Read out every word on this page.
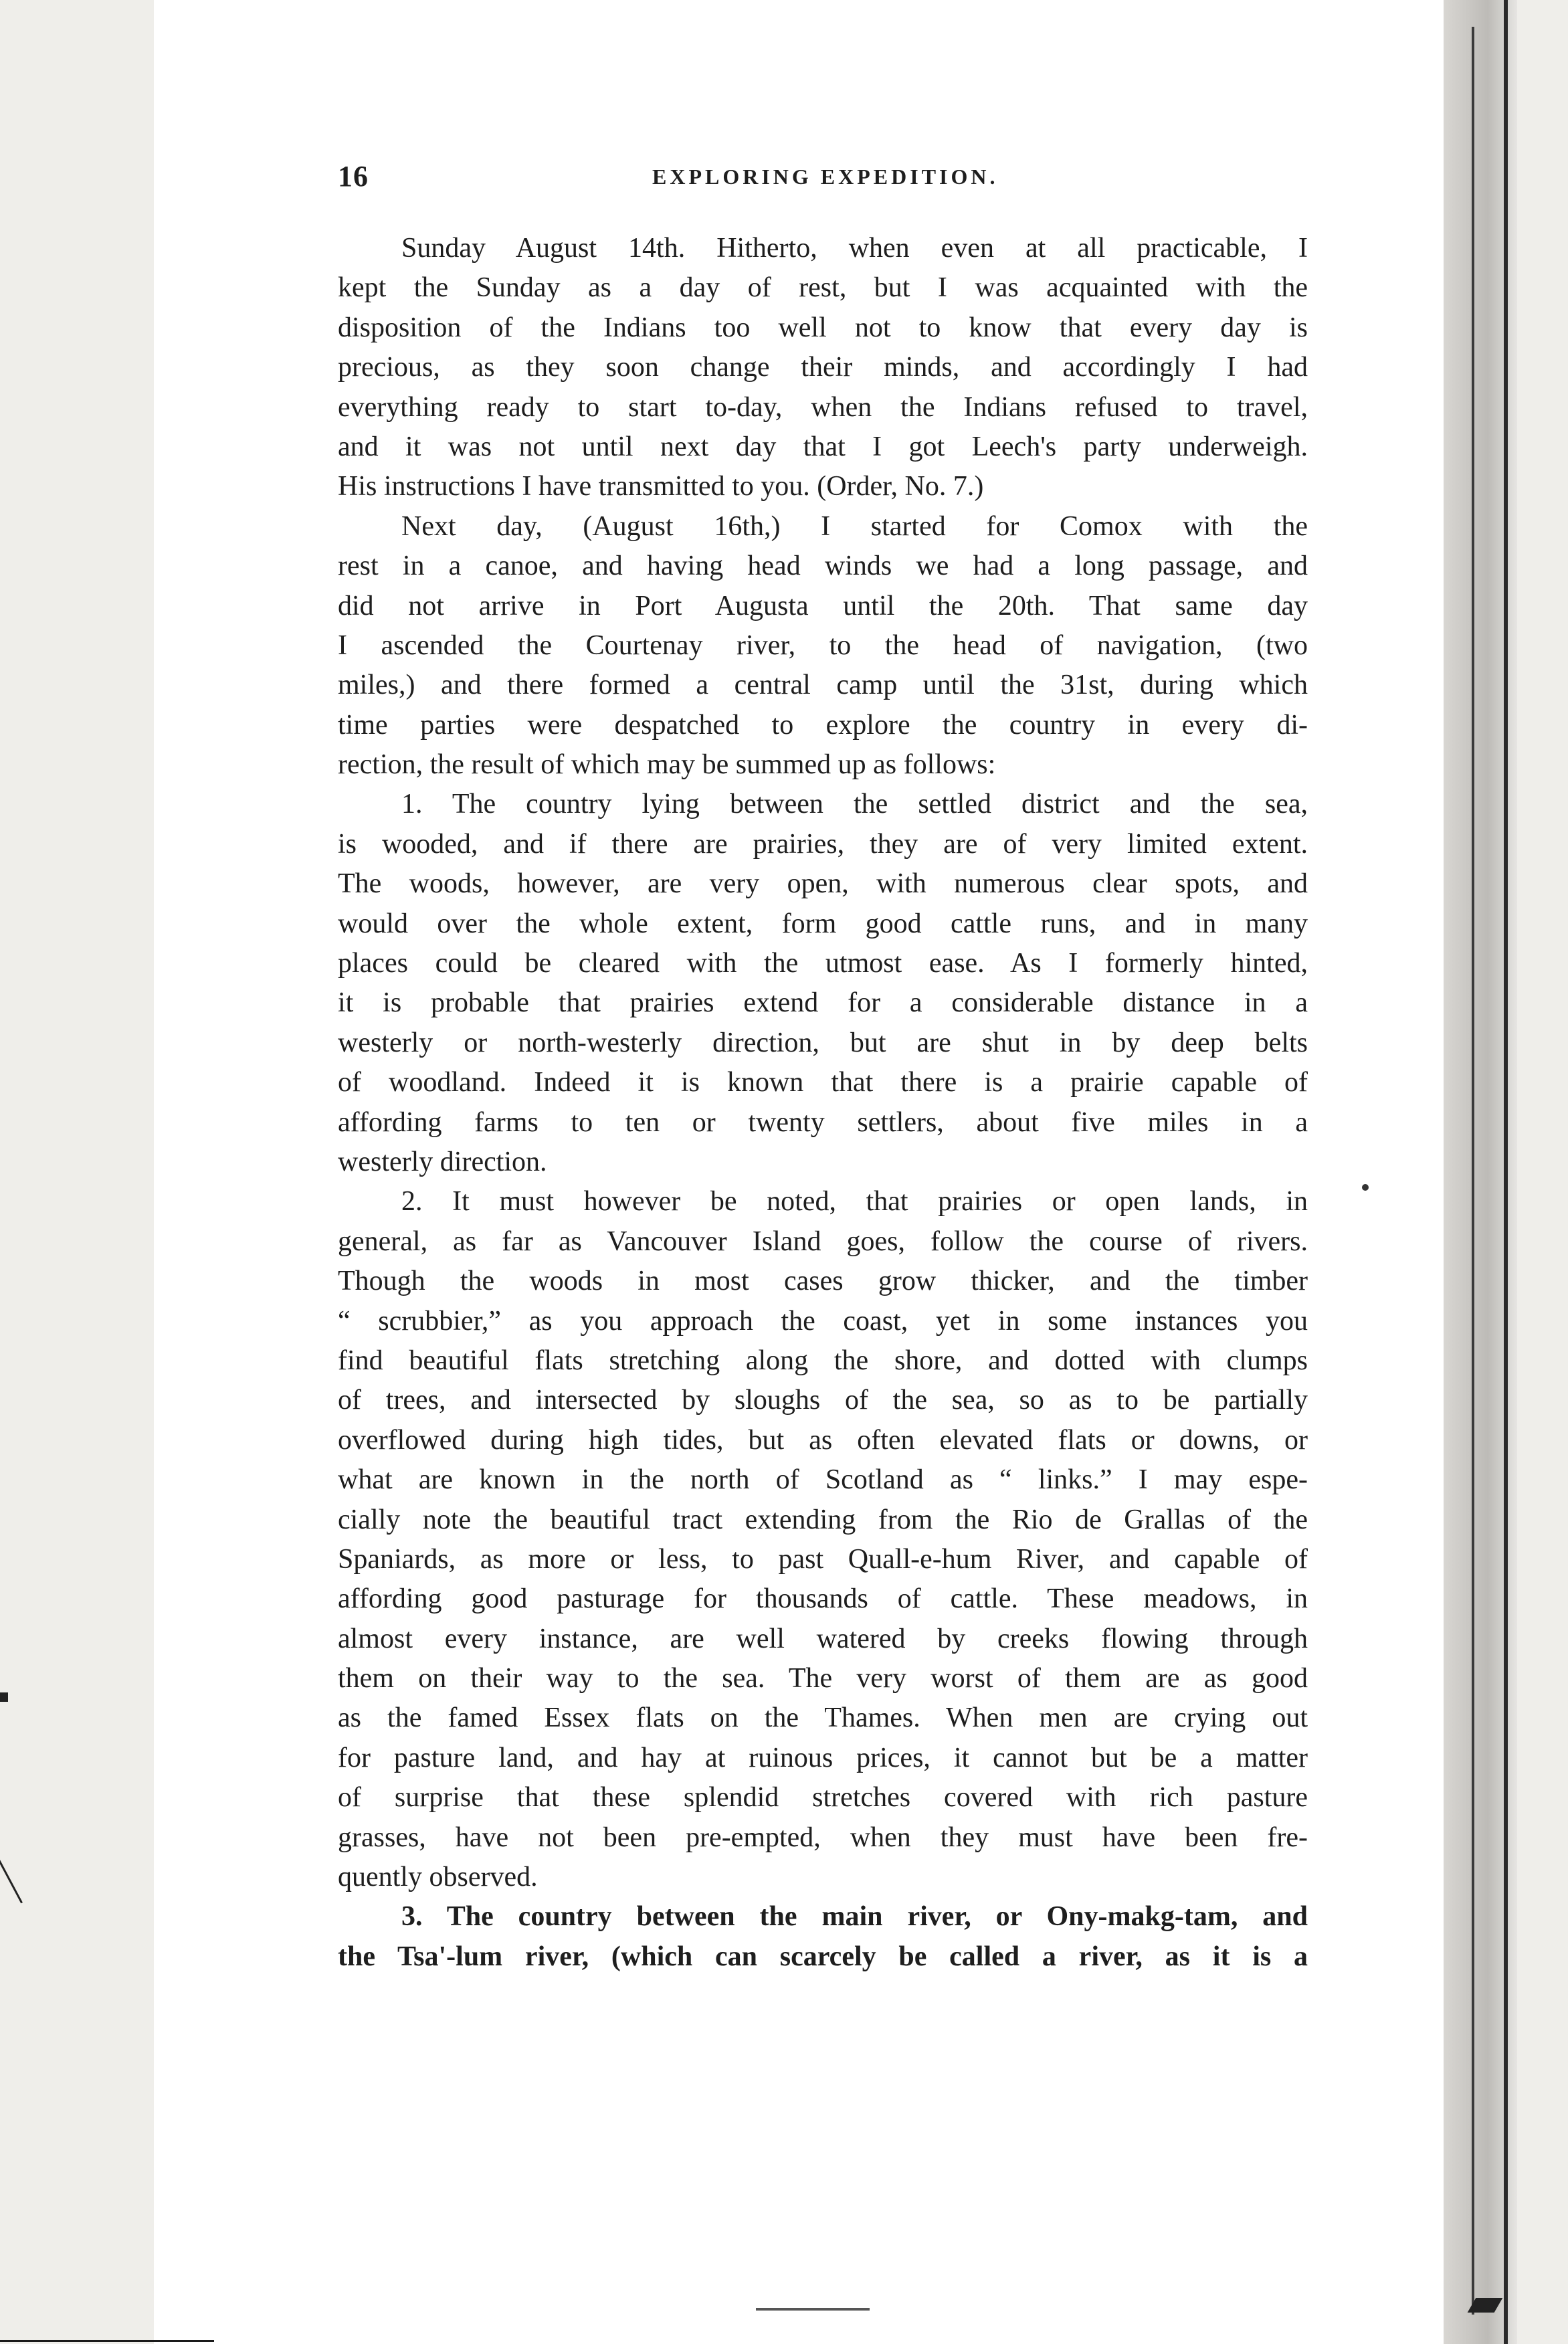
16	EXPLORING EXPEDITION.
Sunday August 14th. Hitherto, when even at all practicable, I
kept the Sunday as a day of rest, but I was acquainted with the
disposition of the Indians too well not to know that every day is
precious, as they soon change their minds, and accordingly I had
everything ready to start to-day, when the Indians refused to travel,
and it was not until next day that I got Leech's party underweigh.
His instructions I have transmitted to you. (Order, No. 7.)
Next day, (August 16th,) I started for Comox with the
rest in a canoe, and having head winds we had a long passage, and
did not arrive in Port Augusta until the 20th. That same day
I ascended the Courtenay river, to the head of navigation, (two
miles,) and there formed a central camp until the 31st, during which
time parties were despatched to explore the country in every di-
rection, the result of which may be summed up as follows:
1. The country lying between the settled district and the sea,
is wooded, and if there are prairies, they are of very limited extent.
The woods, however, are very open, with numerous clear spots, and
would over the whole extent, form good cattle runs, and in many
places could be cleared with the utmost ease. As I formerly hinted,
it is probable that prairies extend for a considerable distance in a
westerly or north-westerly direction, but are shut in by deep belts
of woodland. Indeed it is known that there is a prairie capable of
affording farms to ten or twenty settlers, about five miles in a
westerly direction.
2. It must however be noted, that prairies or open lands, in
general, as far as Vancouver Island goes, follow the course of rivers.
Though the woods in most cases grow thicker, and the timber
“ scrubbier,” as you approach the coast, yet in some instances you
find beautiful flats stretching along the shore, and dotted with clumps
of trees, and intersected by sloughs of the sea, so as to be partially
overflowed during high tides, but as often elevated flats or downs, or
what are known in the north of Scotland as “ links.” I may espe-
cially note the beautiful tract extending from the Rio de Grallas of the
Spaniards, as more or less, to past Quall-e-hum River, and capable of
affording good pasturage for thousands of cattle. These meadows, in
almost every instance, are well watered by creeks flowing through
them on their way to the sea. The very worst of them are as good
as the famed Essex flats on the Thames. When men are crying out
for pasture land, and hay at ruinous prices, it cannot but be a matter
of surprise that these splendid stretches covered with rich pasture
grasses, have not been pre-empted, when they must have been fre-
quently observed.
3. The country between the main river, or Ony-makg-tam, and
the Tsa'-lum river, (which can scarcely be called a river, as it is a
